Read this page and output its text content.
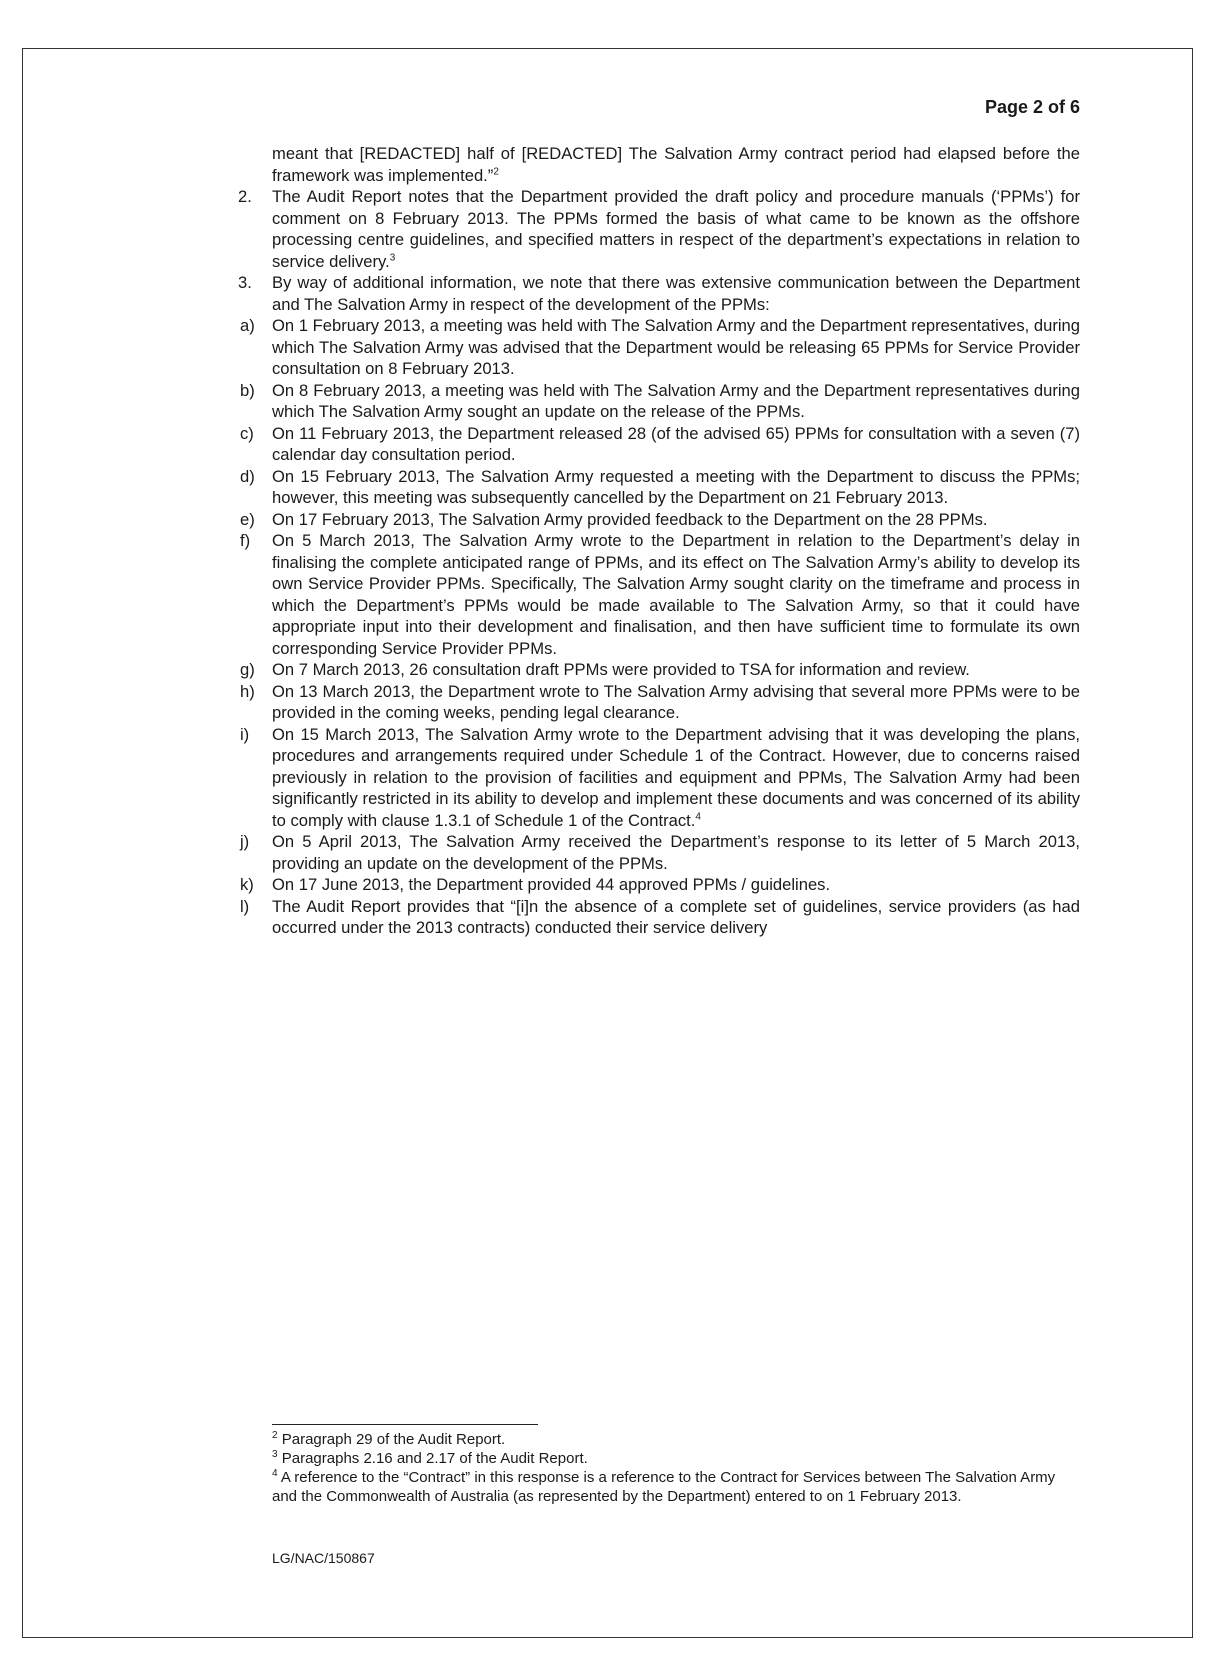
Page 2 of 6

meant that [REDACTED] half of [REDACTED] The Salvation Army contract period had elapsed before the framework was implemented.”$^2$

2. The Audit Report notes that the Department provided the draft policy and procedure manuals (‘PPMs’) for comment on 8 February 2013. The PPMs formed the basis of what came to be known as the offshore processing centre guidelines, and specified matters in respect of the department’s expectations in relation to service delivery.$^3$

3. By way of additional information, we note that there was extensive communication between the Department and The Salvation Army in respect of the development of the PPMs:

a) On 1 February 2013, a meeting was held with The Salvation Army and the Department representatives, during which The Salvation Army was advised that the Department would be releasing 65 PPMs for Service Provider consultation on 8 February 2013.

b) On 8 February 2013, a meeting was held with The Salvation Army and the Department representatives during which The Salvation Army sought an update on the release of the PPMs.

c) On 11 February 2013, the Department released 28 (of the advised 65) PPMs for consultation with a seven (7) calendar day consultation period.

d) On 15 February 2013, The Salvation Army requested a meeting with the Department to discuss the PPMs; however, this meeting was subsequently cancelled by the Department on 21 February 2013.

e) On 17 February 2013, The Salvation Army provided feedback to the Department on the 28 PPMs.

f) On 5 March 2013, The Salvation Army wrote to the Department in relation to the Department’s delay in finalising the complete anticipated range of PPMs, and its effect on The Salvation Army’s ability to develop its own Service Provider PPMs. Specifically, The Salvation Army sought clarity on the timeframe and process in which the Department’s PPMs would be made available to The Salvation Army, so that it could have appropriate input into their development and finalisation, and then have sufficient time to formulate its own corresponding Service Provider PPMs.

g) On 7 March 2013, 26 consultation draft PPMs were provided to TSA for information and review.

h) On 13 March 2013, the Department wrote to The Salvation Army advising that several more PPMs were to be provided in the coming weeks, pending legal clearance.

i) On 15 March 2013, The Salvation Army wrote to the Department advising that it was developing the plans, procedures and arrangements required under Schedule 1 of the Contract. However, due to concerns raised previously in relation to the provision of facilities and equipment and PPMs, The Salvation Army had been significantly restricted in its ability to develop and implement these documents and was concerned of its ability to comply with clause 1.3.1 of Schedule 1 of the Contract.$^4$

j) On 5 April 2013, The Salvation Army received the Department’s response to its letter of 5 March 2013, providing an update on the development of the PPMs.

k) On 17 June 2013, the Department provided 44 approved PPMs / guidelines.

l) The Audit Report provides that “[i]n the absence of a complete set of guidelines, service providers (as had occurred under the 2013 contracts) conducted their service delivery

$^2$ Paragraph 29 of the Audit Report.

$^3$ Paragraphs 2.16 and 2.17 of the Audit Report.

$^4$ A reference to the “Contract” in this response is a reference to the Contract for Services between The Salvation Army and the Commonwealth of Australia (as represented by the Department) entered to on 1 February 2013.

LG/NAC/150867
